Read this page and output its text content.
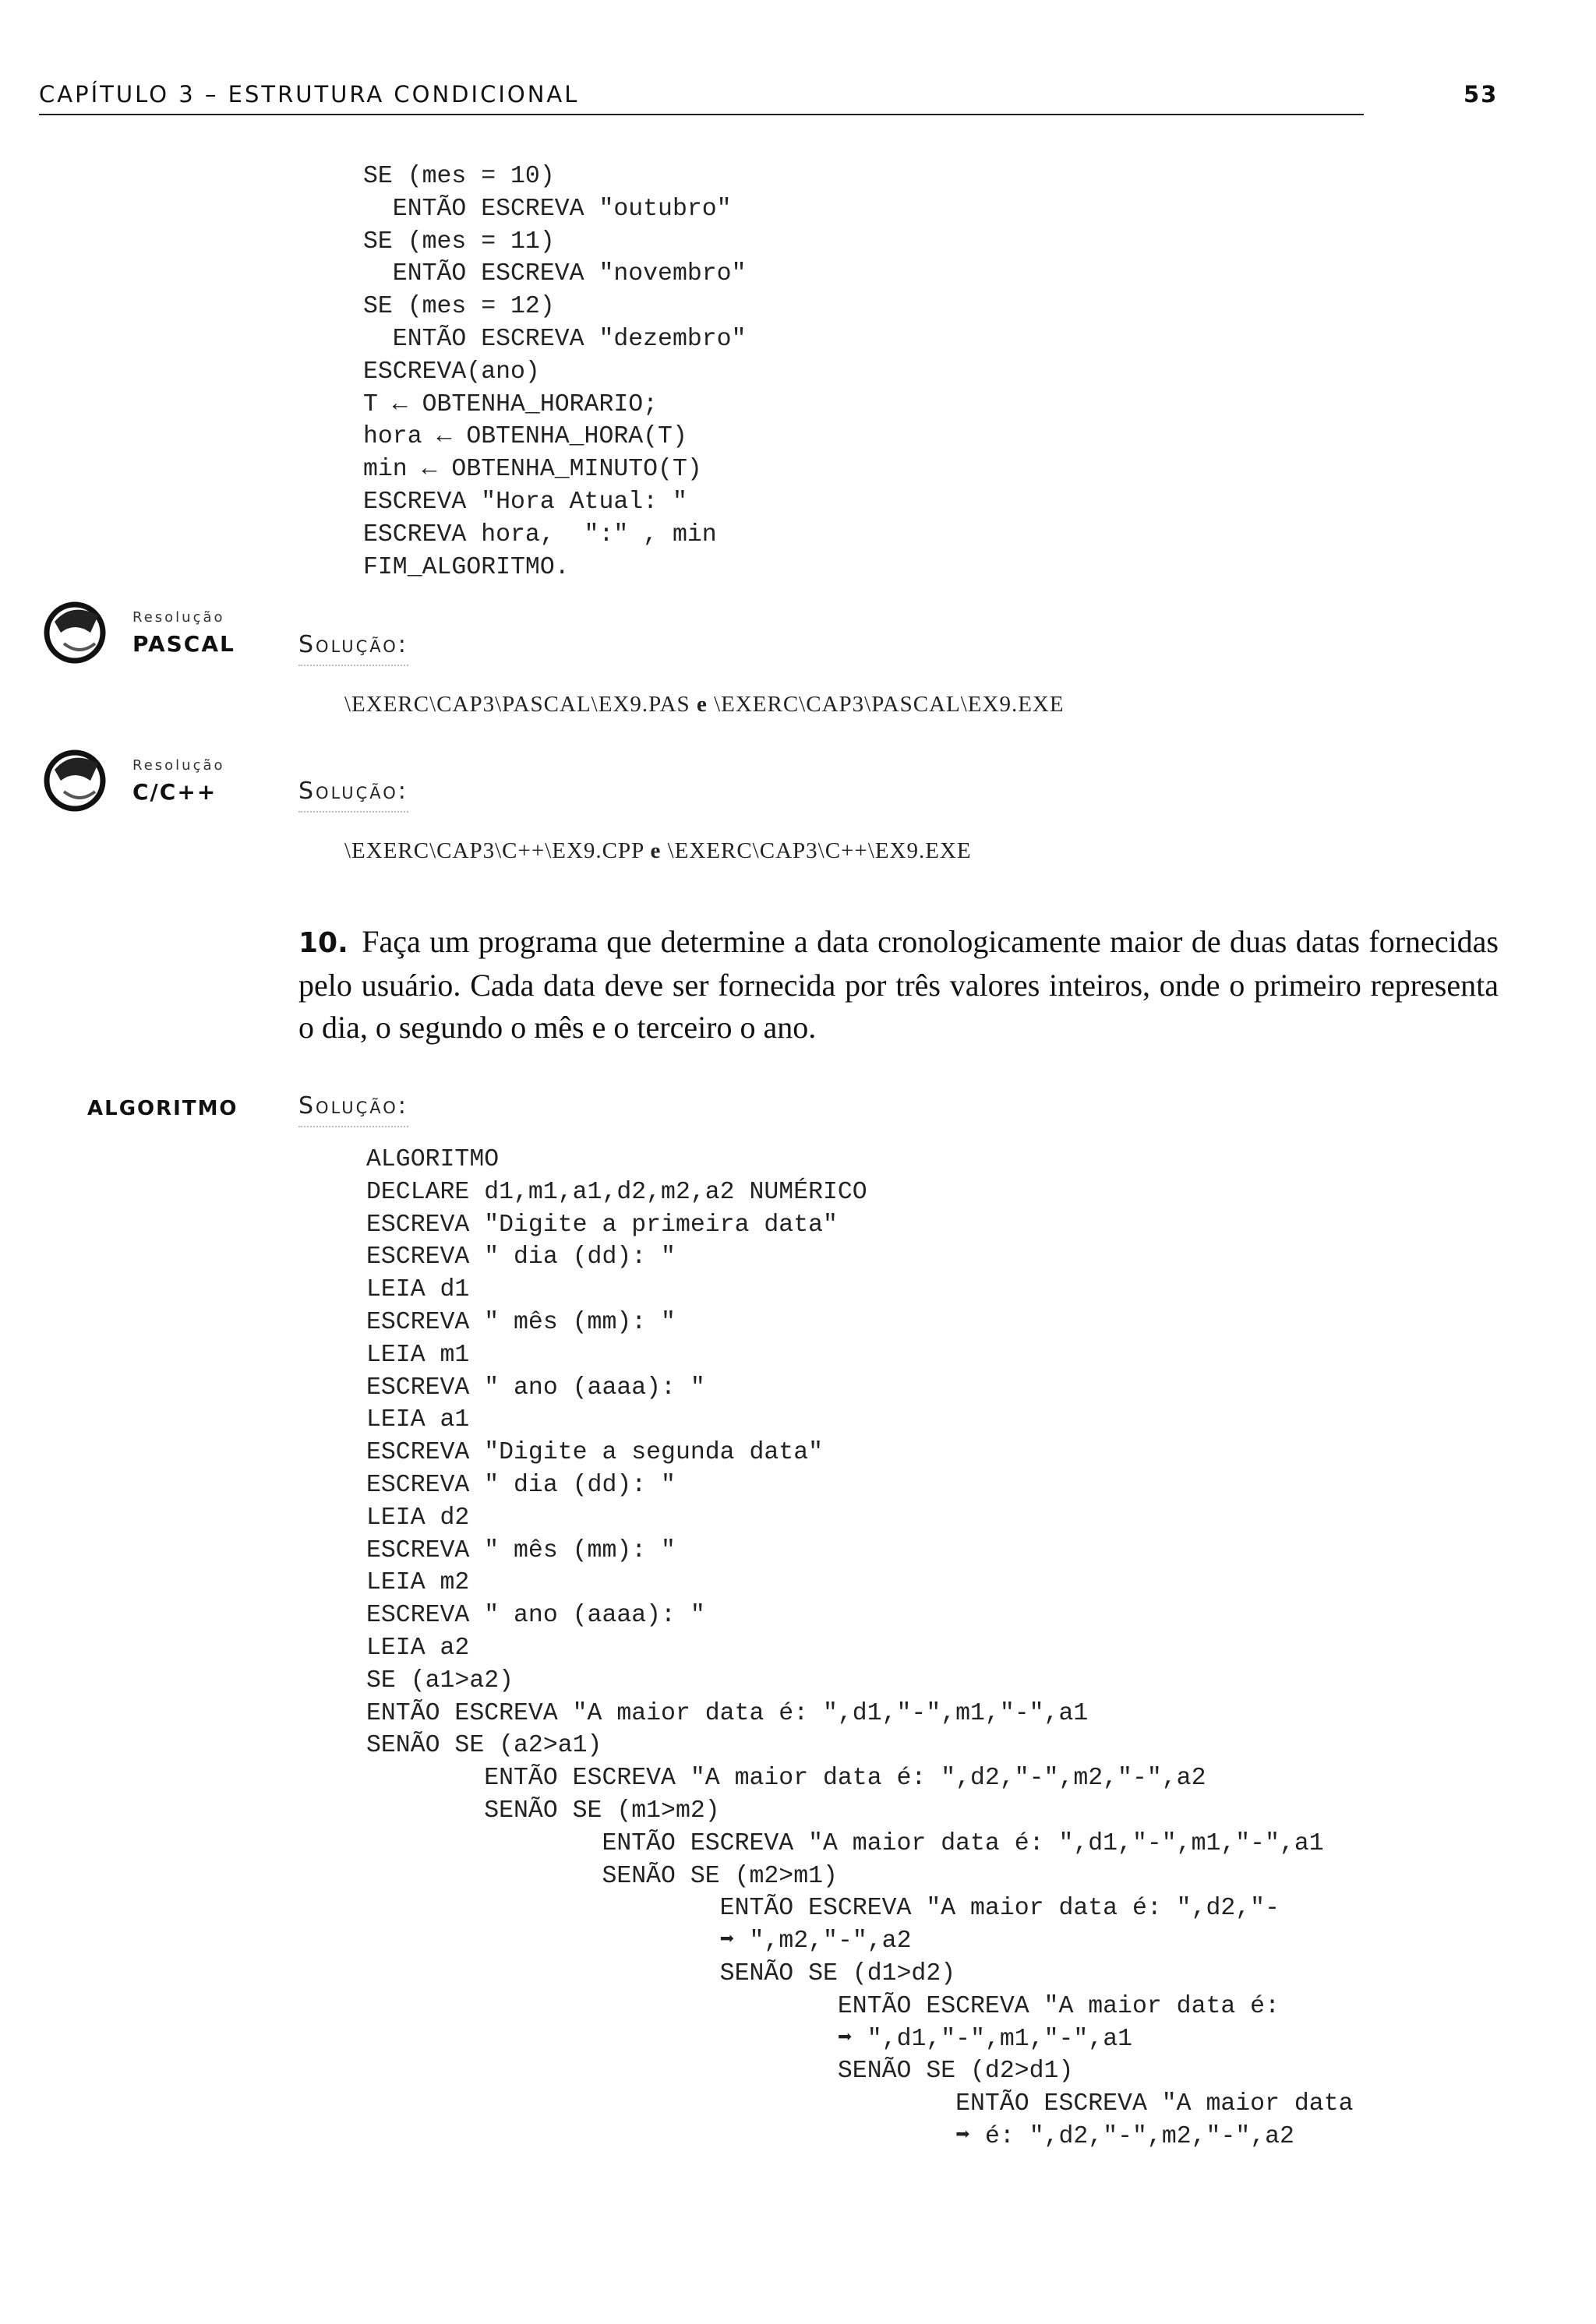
CAPÍTULO 3 – ESTRUTURA CONDICIONAL	53
SE (mes = 10)
ENTÃO ESCREVA "outubro"
SE (mes = 11)
ENTÃO ESCREVA "novembro"
SE (mes = 12)
ENTÃO ESCREVA "dezembro"
ESCREVA(ano)
T ← OBTENHA_HORARIO;
hora ← OBTENHA_HORA(T)
min ← OBTENHA_MINUTO(T)
ESCREVA "Hora Atual: "
ESCREVA hora,  ":" , min
FIM_ALGORITMO.
Resolução
PASCAL	Solução:
\EXERC\CAP3\PASCAL\EX9.PAS e \EXERC\CAP3\PASCAL\EX9.EXE
Resolução
C/C++	Solução:
\EXERC\CAP3\C++\EX9.CPP e \EXERC\CAP3\C++\EX9.EXE
10. Faça um programa que determine a data cronologicamente maior de duas datas fornecidas pelo usuário. Cada data deve ser fornecida por três valores inteiros, onde o primeiro representa o dia, o segundo o mês e o terceiro o ano.
ALGORITMO	Solução:
ALGORITMO
DECLARE d1,m1,a1,d2,m2,a2 NUMÉRICO
ESCREVA "Digite a primeira data"
ESCREVA " dia (dd): "
LEIA d1
ESCREVA " mês (mm): "
LEIA m1
ESCREVA " ano (aaaa): "
LEIA a1
ESCREVA "Digite a segunda data"
ESCREVA " dia (dd): "
LEIA d2
ESCREVA " mês (mm): "
LEIA m2
ESCREVA " ano (aaaa): "
LEIA a2
SE (a1>a2)
ENTÃO ESCREVA "A maior data é: ",d1,"-",m1,"-",a1
SENÃO SE (a2>a1)
ENTÃO ESCREVA "A maior data é: ",d2,"-",m2,"-",a2
SENÃO SE (m1>m2)
ENTÃO ESCREVA "A maior data é: ",d1,"-",m1,"-",a1
SENÃO SE (m2>m1)
ENTÃO ESCREVA "A maior data é: ",d2,"-
➡ ",m2,"-",a2
SENÃO SE (d1>d2)
ENTÃO ESCREVA "A maior data é:
➡ ",d1,"-",m1,"-",a1
SENÃO SE (d2>d1)
ENTÃO ESCREVA "A maior data
➡ é: ",d2,"-",m2,"-",a2
